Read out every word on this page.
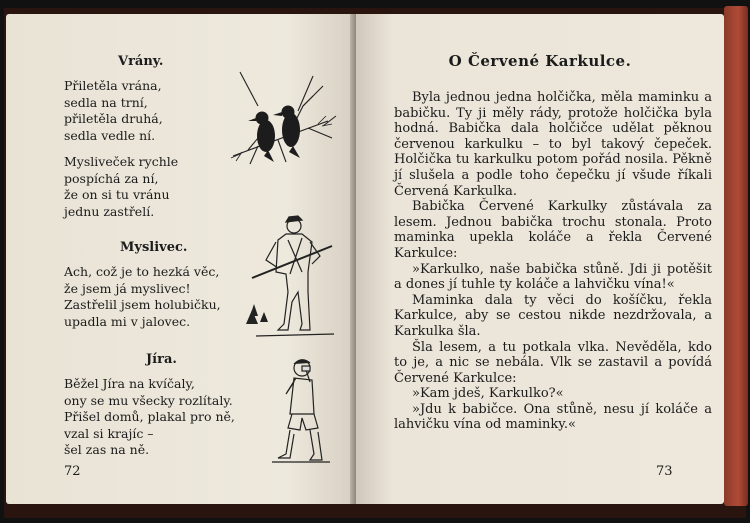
Vrány.
Přiletěla vrána,
sedla na trní,
přiletěla druhá,
sedla vedle ní.
Mysliveček rychle
pospíchá za ní,
že on si tu vránu
jednu zastřelí.
Myslivec.
Ach, což je to hezká věc,
že jsem já myslivec!
Zastřelil jsem holubičku,
upadla mi v jalovec.
Jíra.
Běžel Jíra na kvíčaly,
ony se mu všecky rozlítaly.
Přišel domů, plakal pro ně,
vzal si krajíc –
šel zas na ně.
72
O Červené Karkulce.

Byla jednou jedna holčička, měla maminku a babičku. Ty ji měly rády, protože holčička byla hodná. Babička dala holčičce udělat pěknou červenou karkulku – to byl takový čepeček. Holčička tu karkulku potom pořád nosila. Pěkně jí slušela a podle toho čepečku jí všude říkali Červená Karkulka.

Babička Červené Karkulky zůstávala za lesem. Jednou babička trochu stonala. Proto maminka upekla koláče a řekla Červené Karkulce:

»Karkulko, naše babička stůně. Jdi ji potěšit a dones jí tuhle ty koláče a lahvičku vína!«

Maminka dala ty věci do košíčku, řekla Karkulce, aby se cestou nikde nezdržovala, a Karkulka šla.

Šla lesem, a tu potkala vlka. Nevěděla, kdo to je, a nic se nebála. Vlk se zastavil a povídá Červené Karkulce:

»Kam jdeš, Karkulko?«

»Jdu k babičce. Ona stůně, nesu jí koláče a lahvičku vína od maminky.«

73
